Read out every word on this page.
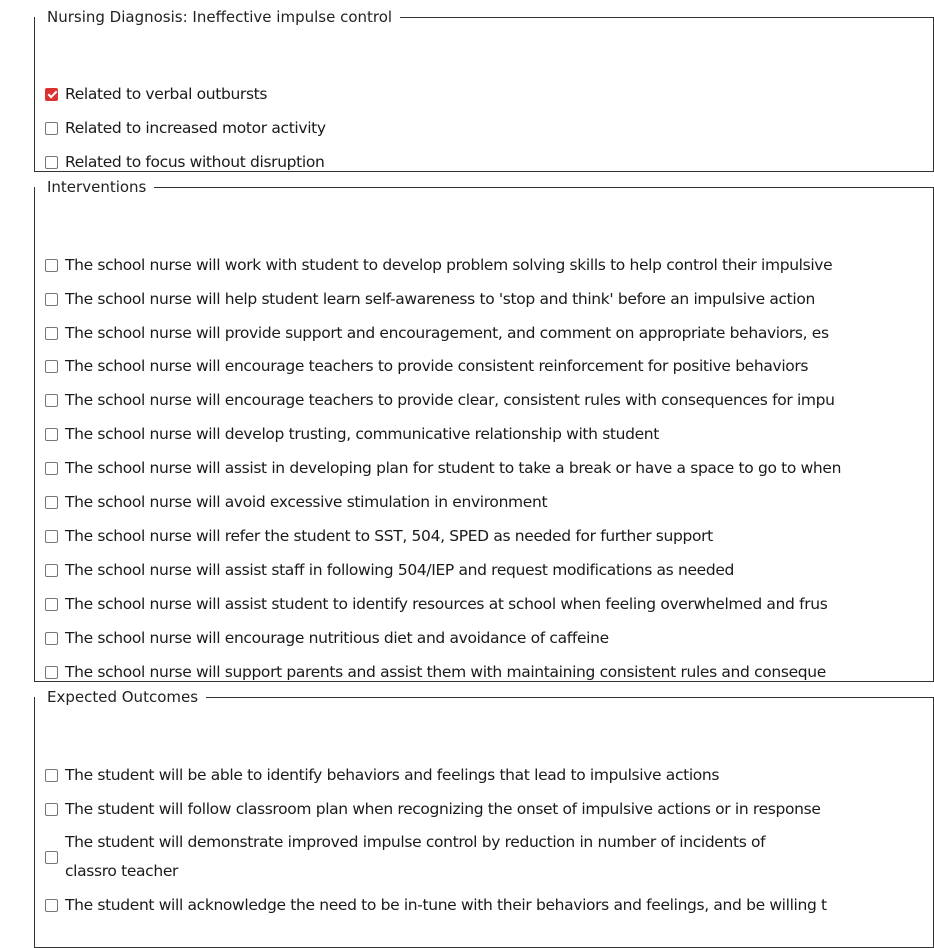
Nursing Diagnosis: Ineffective impulse control
Related to verbal outbursts
Related to increased motor activity
Related to focus without disruption
Interventions
The school nurse will work with student to develop problem solving skills to help control their impulsive
The school nurse will help student learn self-awareness to 'stop and think' before an impulsive action
The school nurse will provide support and encouragement, and comment on appropriate behaviors, es
The school nurse will encourage teachers to provide consistent reinforcement for positive behaviors
The school nurse will encourage teachers to provide clear, consistent rules with consequences for impu
The school nurse will develop trusting, communicative relationship with student
The school nurse will assist in developing plan for student to take a break or have a space to go to when
The school nurse will avoid excessive stimulation in environment
The school nurse will refer the student to SST, 504, SPED as needed for further support
The school nurse will assist staff in following 504/IEP and request modifications as needed
The school nurse will assist student to identify resources at school when feeling overwhelmed and frus
The school nurse will encourage nutritious diet and avoidance of caffeine
The school nurse will support parents and assist them with maintaining consistent rules and conseque
Expected Outcomes
The student will be able to identify behaviors and feelings that lead to impulsive actions
The student will follow classroom plan when recognizing the onset of impulsive actions or in response
The student will demonstrate improved impulse control by reduction in number of incidents of classro teacher
The student will acknowledge the need to be in-tune with their behaviors and feelings, and be willing t
